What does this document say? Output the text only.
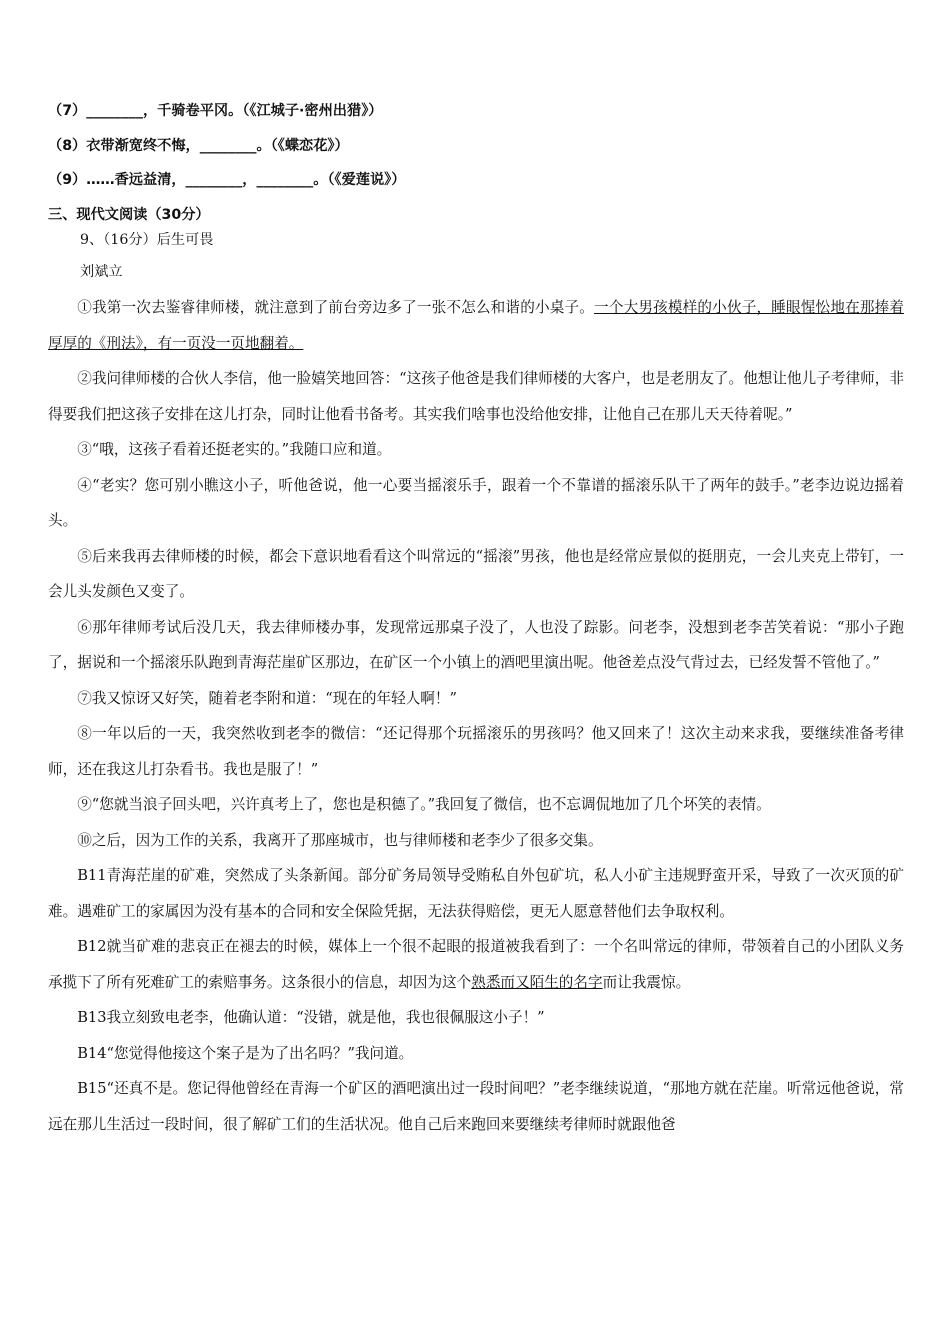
（7）________，千骑卷平冈。（《江城子·密州出猎》）
（8）衣带渐宽终不悔，________。（《蝶恋花》）
（9）……香远益清，________，________。（《爱莲说》）
三、现代文阅读（30分）
9、（16分）后生可畏
刘斌立

①我第一次去鉴睿律师楼，就注意到了前台旁边多了一张不怎么和谐的小桌子。一个大男孩模样的小伙子，睡眼惺忪地在那捧着厚厚的《刑法》，有一页没一页地翻着。

②我问律师楼的合伙人李信，他一脸嬉笑地回答：“这孩子他爸是我们律师楼的大客户，也是老朋友了。他想让他儿子考律师，非得要我们把这孩子安排在这儿打杂，同时让他看书备考。其实我们啥事也没给他安排，让他自己在那儿天天待着呢。”

③“哦，这孩子看着还挺老实的。”我随口应和道。

④“老实？您可别小瞧这小子，听他爸说，他一心要当摇滚乐手，跟着一个不靠谱的摇滚乐队干了两年的鼓手。”老李边说边摇着头。

⑤后来我再去律师楼的时候，都会下意识地看看这个叫常远的“摇滚”男孩，他也是经常应景似的挺朋克，一会儿夹克上带钉，一会儿头发颜色又变了。

⑥那年律师考试后没几天，我去律师楼办事，发现常远那桌子没了，人也没了踪影。问老李，没想到老李苦笑着说：“那小子跑了，据说和一个摇滚乐队跑到青海茫崖矿区那边，在矿区一个小镇上的酒吧里演出呢。他爸差点没气背过去，已经发誓不管他了。”

⑦我又惊讶又好笑，随着老李附和道：“现在的年轻人啊！”

⑧一年以后的一天，我突然收到老李的微信：“还记得那个玩摇滚乐的男孩吗？他又回来了！这次主动来求我，要继续准备考律师，还在我这儿打杂看书。我也是服了！”

⑨“您就当浪子回头吧，兴许真考上了，您也是积德了。”我回复了微信，也不忘调侃地加了几个坏笑的表情。

⑩之后，因为工作的关系，我离开了那座城市，也与律师楼和老李少了很多交集。

B11青海茫崖的矿难，突然成了头条新闻。部分矿务局领导受贿私自外包矿坑，私人小矿主违规野蛮开采，导致了一次灭顶的矿难。遇难矿工的家属因为没有基本的合同和安全保险凭据，无法获得赔偿，更无人愿意替他们去争取权利。

B12就当矿难的悲哀正在褪去的时候，媒体上一个很不起眼的报道被我看到了：一个名叫常远的律师，带领着自己的小团队义务承揽下了所有死难矿工的索赔事务。这条很小的信息，却因为这个熟悉而又陌生的名字而让我震惊。

B13我立刻致电老李，他确认道：“没错，就是他，我也很佩服这小子！”

B14“您觉得他接这个案子是为了出名吗？”我问道。

B15“还真不是。您记得他曾经在青海一个矿区的酒吧演出过一段时间吧？”老李继续说道，“那地方就在茫崖。听常远他爸说，常远在那儿生活过一段时间，很了解矿工们的生活状况。他自己后来跑回来要继续考律师时就跟他爸
